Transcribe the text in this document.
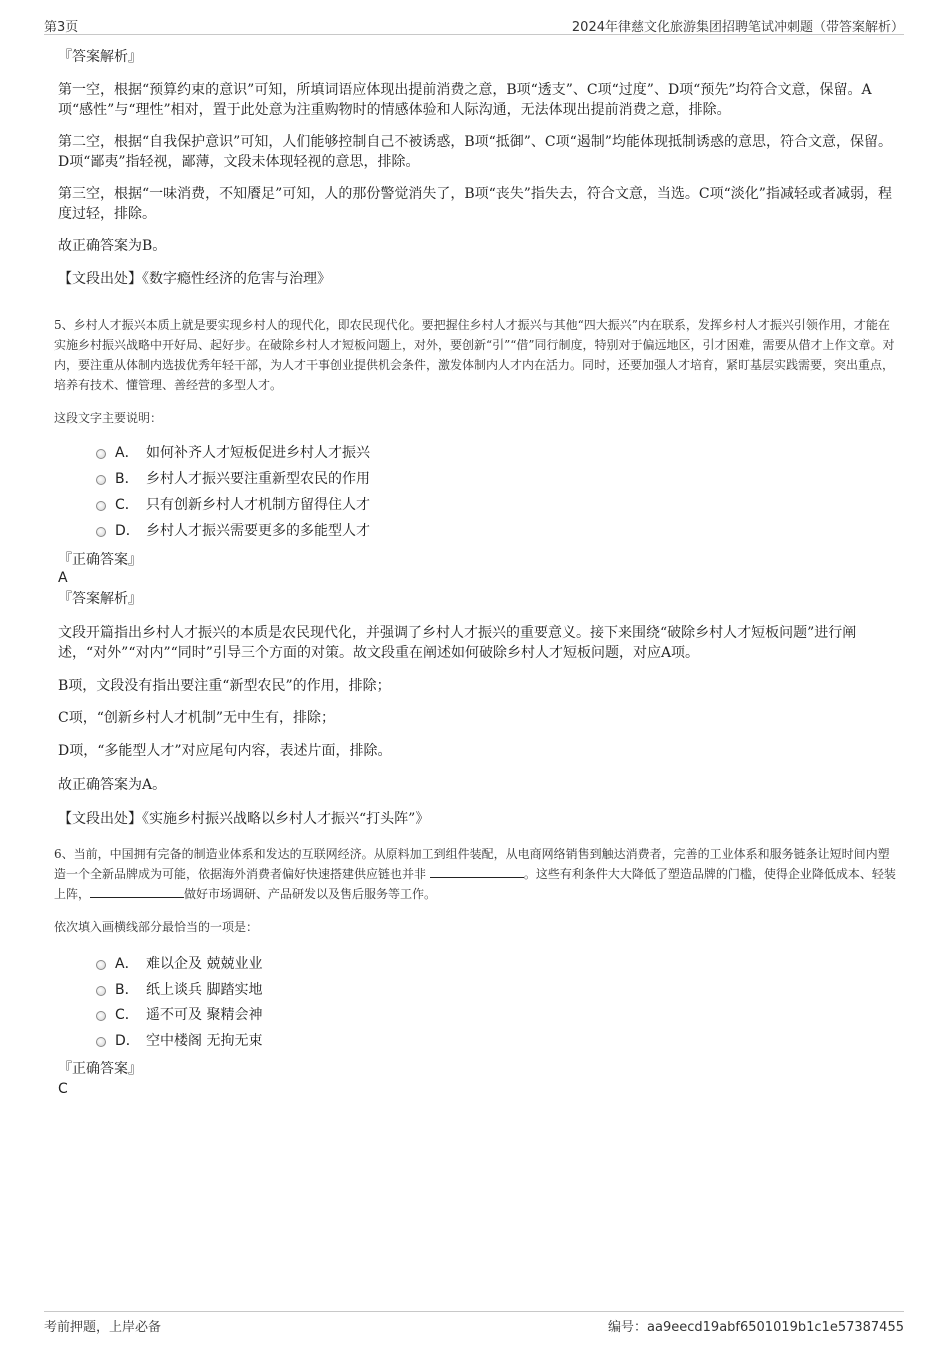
第3页	2024年律慈文化旅游集团招聘笔试冲刺题（带答案解析）
『答案解析』

第一空，根据“预算约束的意识”可知，所填词语应体现出提前消费之意，B项“透支”、C项“过度”、D项“预先”均符合文意，保留。A项“感性”与“理性”相对，置于此处意为注重购物时的情感体验和人际沟通，无法体现出提前消费之意，排除。

第二空，根据“自我保护意识”可知，人们能够控制自己不被诱惑，B项“抵御”、C项“遏制”均能体现抵制诱惑的意思，符合文意，保留。D项“鄙夷”指轻视，鄙薄，文段未体现轻视的意思，排除。

第三空，根据“一味消费，不知餍足”可知，人的那份警觉消失了，B项“丧失”指失去，符合文意，当选。C项“淡化”指减轻或者减弱，程度过轻，排除。

故正确答案为B。

【文段出处】《数字瘾性经济的危害与治理》

5、乡村人才振兴本质上就是要实现乡村人的现代化，即农民现代化。要把握住乡村人才振兴与其他“四大振兴”内在联系，发挥乡村人才振兴引领作用，才能在实施乡村振兴战略中开好局、起好步。在破除乡村人才短板问题上，对外，要创新“引”“借”同行制度，特别对于偏远地区，引才困难，需要从借才上作文章。对内，要注重从体制内选拔优秀年轻干部，为人才干事创业提供机会条件，激发体制内人才内在活力。同时，还要加强人才培育，紧盯基层实践需要，突出重点，培养有技术、懂管理、善经营的多型人才。

这段文字主要说明：

A． 如何补齐人才短板促进乡村人才振兴
B． 乡村人才振兴要注重新型农民的作用
C． 只有创新乡村人才机制方留得住人才
D． 乡村人才振兴需要更多的多能型人才
『正确答案』
A
『答案解析』

文段开篇指出乡村人才振兴的本质是农民现代化，并强调了乡村人才振兴的重要意义。接下来围绕“破除乡村人才短板问题”进行阐述，“对外”“对内”“同时”引导三个方面的对策。故文段重在阐述如何破除乡村人才短板问题，对应A项。

B项，文段没有指出要注重“新型农民”的作用，排除；

C项，“创新乡村人才机制”无中生有，排除；

D项，“多能型人才”对应尾句内容，表述片面，排除。

故正确答案为A。

【文段出处】《实施乡村振兴战略以乡村人才振兴“打头阵”》

6、当前，中国拥有完备的制造业体系和发达的互联网经济。从原料加工到组件装配，从电商网络销售到触达消费者，完善的工业体系和服务链条让短时间内塑造一个全新品牌成为可能，依据海外消费者偏好快速搭建供应链也并非	。这些有利条件大大降低了塑造品牌的门槛，使得企业降低成本、轻装上阵，	做好市场调研、产品研发以及售后服务等工作。

依次填入画横线部分最恰当的一项是：

A． 难以企及 兢兢业业
B． 纸上谈兵 脚踏实地
C． 遥不可及 聚精会神
D． 空中楼阁 无拘无束
『正确答案』
C
考前押题，上岸必备	编号：aa9eecd19abf6501019b1c1e57387455
